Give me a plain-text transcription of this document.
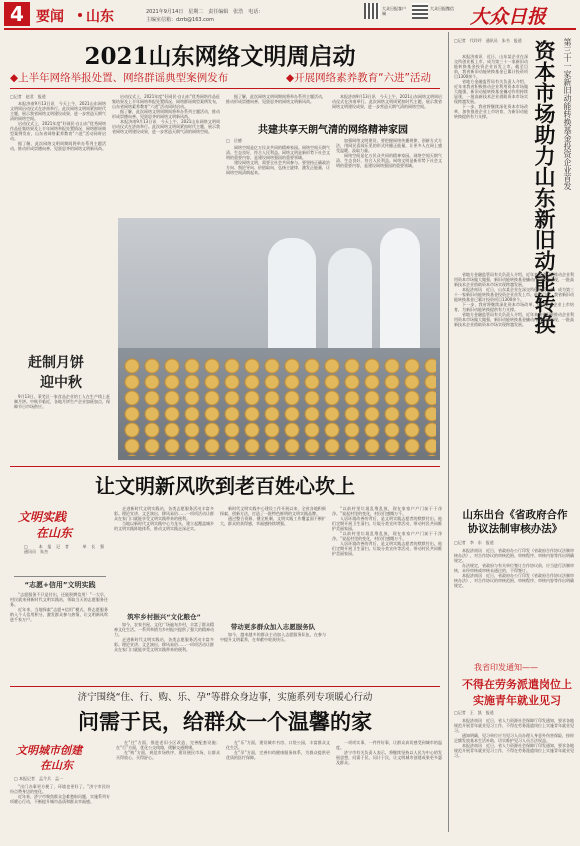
4 要闻 山东	2021年9月14日　星期二　责任编辑　张浩　电话：
主编室信箱：dzrb@163.com
大众日报客户端
大众日报微信 大众日报
2021山东网络文明周启动
◆上半年网络举报处置、网络群谣典型案例发布	◆开展网络素养教育“六进”活动
□记者　赵君　报道

本报济南9月13日讯　今天上午，2021山东网络文明周启动仪式在济南举行。此次网络文明周紧扣时代主题，展示我省网络文明建设成果，进一步营造天朗气清的网络空间。

启动仪式上，2021年度“好网民·自山东”优秀网络作品征集结果及上半年网络举报处置情况、网络群谣典型案例发布，山东省网络素养教育“六进”活动同时启动。

据了解，此次网络文明周期间将举办系列主题活动，推动形成崇德向善、见贤思齐的网络文明新风尚。

启动仪式上，2021年度“好网民·自山东”优秀网络作品征集结果及上半年网络举报处置情况、网络群谣典型案例发布，山东省网络素养教育“六进”活动同时启动。

据了解，此次网络文明周期间将举办系列主题活动，推动形成崇德向善、见贤思齐的网络文明新风尚。

本报济南9月13日讯　今天上午，2021山东网络文明周启动仪式在济南举行。此次网络文明周紧扣时代主题，展示我省网络文明建设成果，进一步营造天朗气清的网络空间。

据了解，此次网络文明周期间将举办系列主题活动，推动形成崇德向善、见贤思齐的网络文明新风尚。

本报济南9月13日讯　今天上午，2021山东网络文明周启动仪式在济南举行。此次网络文明周紧扣时代主题，展示我省网络文明建设成果，进一步营造天朗气清的网络空间。

共建共享天朗气清的网络精神家园
□　岳德

网络空间是亿万民众共同的精神家园。网络空间天朗气清、生态良好，符合人民利益。网络文明是新形势下社会文明的重要内容，是建设网络强国的重要领域。

建设网络文明，需要全社会共同参与。要坚持正确政治方向、舆论导向、价值取向，弘扬主旋律，激发正能量，让网络空间清朗起来。

加强网络文明建设，要把握网络传播规律，创新方式方法，用网民喜闻乐见的形式传播正能量，让更多人在网上感受温暖、汲取力量。

网络空间是亿万民众共同的精神家园。网络空间天朗气清、生态良好，符合人民利益。网络文明是新形势下社会文明的重要内容，是建设网络强国的重要领域。

赶制月饼
迎中秋
　9月13日，莱芜区一家食品企业的工人在生产线上赶制月饼。中秋节临近，各地月饼生产企业加班加点，保障节日市场供应。
□记者　代玲玲　通讯员　朱书　报道

本报济南讯　近日，山东某企业在深交所创业板上市，成为第三十一家新旧动能转换基金投资企业首发上市。截至目前，我省新旧动能转换基金已累计投资项目1300余个。

省地方金融监管局有关负责人介绍，近年来我省积极推动企业利用资本市场做大做强，新旧动能转换基金撬动作用持续显现，一批高新技术企业借助资本市场实现跨越发展。

下一步，我省将继续深化资本市场改革，加快推进企业上市培育，为新旧动能转换提供有力支撑。	第三十一家新旧动能转换基金投资企业首发
资本市场助力山东新旧动能转换

省地方金融监管局有关负责人介绍，近年来我省积极推动企业利用资本市场做大做强，新旧动能转换基金撬动作用持续显现，一批高新技术企业借助资本市场实现跨越发展。

本报济南讯　近日，山东某企业在深交所创业板上市，成为第三十一家新旧动能转换基金投资企业首发上市。截至目前，我省新旧动能转换基金已累计投资项目1300余个。

下一步，我省将继续深化资本市场改革，加快推进企业上市培育，为新旧动能转换提供有力支撑。

省地方金融监管局有关负责人介绍，近年来我省积极推动企业利用资本市场做大做强，新旧动能转换基金撬动作用持续显现，一批高新技术企业借助资本市场实现跨越发展。

山东出台《省政府合作协议法制审核办法》
□记者　李　东　报道

本报济南讯　近日，省政府办公厅印发《省政府合作协议法制审核办法》，对合作协议的审核范围、审核程序、审核内容等作出明确规定。

办法规定，省政府与有关单位签订合作协议前，应当进行法制审核，未经审核或审核未通过的，不得签订。

本报济南讯　近日，省政府办公厅印发《省政府合作协议法制审核办法》，对合作协议的审核范围、审核程序、审核内容等作出明确规定。

我省印发通知——
不得在劳务派遣岗位上
实施青年就业见习
□记者　王　凯　报道

本报济南讯　近日，省人力资源社会保障厅印发通知，要求各地规范开展青年就业见习工作，不得在劳务派遣岗位上实施青年就业见习。

通知明确，见习单位应为见习人员办理人身意外伤害保险，按时足额发放基本生活补助，切实维护见习人员合法权益。

本报济南讯　近日，省人力资源社会保障厅印发通知，要求各地规范开展青年就业见习工作，不得在劳务派遣岗位上实施青年就业见习。

让文明新风吹到老百姓心坎上
文明实践
在山东
□ 本报记者　单长强　　　　　　　　　　　通讯员　朱杰
“志愿+信用”文明实践

“志愿服务不只是付出，还能积攒信用！”一大早，村民就来到新时代文明实践站，领取当天的志愿服务任务。

近年来，当地探索“志愿+信用”模式，将志愿服务纳入个人信用积分，激发群众参与热情，让文明新风吹进千家万户。

走进新时代文明实践站，各类志愿服务活动丰富多彩。理论宣讲、文艺演出、移风易俗……一项项活动让群众在家门口就能享受文明实践带来的便利。

当地以新时代文明实践中心为龙头，建立起覆盖城乡的文明实践阵地体系，推动文明实践走深走实。

筑牢乡村振兴“文化粮仓”

如今，农家书屋、文化广场遍布乡村，丰富了群众精神文化生活。一系列举措为乡村振兴提供了强大的精神动力。

走进新时代文明实践站，各类志愿服务活动丰富多彩。理论宣讲、文艺演出、移风易俗……一项项活动让群众在家门口就能享受文明实践带来的便利。

新时代文明实践中心建设工作开展以来，全省各地积极探索、创新方法，打造了一批特色鲜明的文明实践品牌。

通过整合资源、健全机制，文明实践工作覆盖面不断扩大，群众的获得感、幸福感持续增强。

带动更多群众加入志愿服务队

如今，越来越多的群众主动加入志愿服务队伍，在参与中提升文明素养，在奉献中收获快乐。

“以前村里垃圾乱堆乱放，现在家家户户门前干干净净。”说起村里的变化，村民们感慨万千。

人居环境改善的背后，是文明实践志愿者的默默付出。他们定期开展卫生清扫、垃圾分类宣传等活动，带动村民共同维护美丽家园。

“以前村里垃圾乱堆乱放，现在家家户户门前干干净净。”说起村里的变化，村民们感慨万千。

人居环境改善的背后，是文明实践志愿者的默默付出。他们定期开展卫生清扫、垃圾分类宣传等活动，带动村民共同维护美丽家园。

济宁围绕“住、行、购、乐、孕”等群众身边事，实施系列专项暖心行动
问需于民，给群众一个温馨的家
文明城市创建
在山东
□ 本报记者　孟令兵　孟一

“出门办事更方便了，环境也更好了。”济宁市民纷纷点赞身边的变化。

近年来，济宁市聚焦群众急难愁盼问题，实施系列专项暖心行动，不断提升城市品质和群众幸福感。

在“住”方面，推进老旧小区改造，完善配套设施；在“行”方面，优化公交线路，缓解交通拥堵。

在“购”方面，规范市场秩序，建设便民市场，让群众买得放心、买得舒心。

在“乐”方面，建设城市书房、口袋公园，丰富群众文化生活。

在“孕”方面，完善妇幼健康服务体系，为群众提供更优质的医疗保障。

一项项实事，一件件好事，让群众真切感受到城市的温度。

济宁市有关负责人表示，将继续坚持以人民为中心的发展思想，问需于民、问计于民，让文明城市创建成果更多惠及群众。
